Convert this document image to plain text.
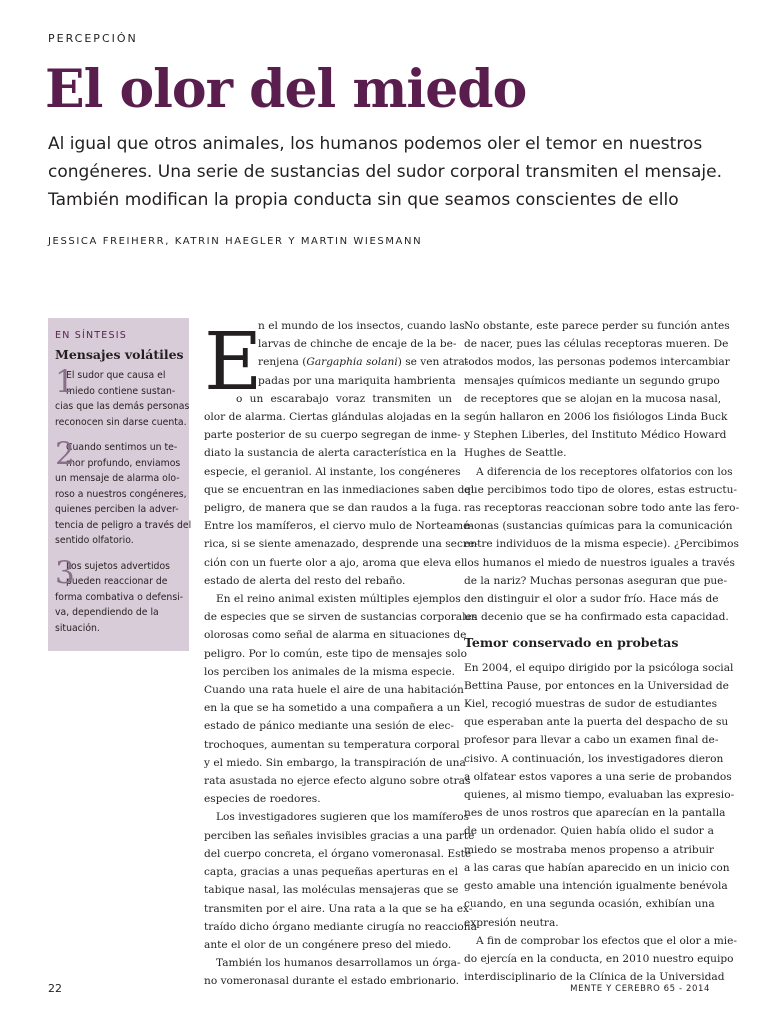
PERCEPCIÓN
El olor del miedo
Al igual que otros animales, los humanos podemos oler el temor en nuestros
congéneres. Una serie de sustancias del sudor corporal transmiten el mensaje.
También modifican la propia conducta sin que seamos conscientes de ello
JESSICA FREIHERR, KATRIN HAEGLER Y MARTIN WIESMANN
EN SÍNTESIS
Mensajes volátiles
1
El sudor que causa el
miedo contiene sustan-
cias que las demás personas
reconocen sin darse cuenta.
2
Cuando sentimos un te-
mor profundo, enviamos
un mensaje de alarma olo-
roso a nuestros congéneres,
quienes perciben la adver-
tencia de peligro a través del
sentido olfatorio.
3
Los sujetos advertidos
pueden reaccionar de
forma combativa o defensi-
va, dependiendo de la
situación.
E
n el mundo de los insectos, cuando las
larvas de chinche de encaje de la be-
renjena (Gargaphia solani) se ven atra-
padas por una mariquita hambrienta
o un escarabajo voraz transmiten un
olor de alarma. Ciertas glándulas alojadas en la
parte posterior de su cuerpo segregan de inme-
diato la sustancia de alerta característica en la
especie, el geraniol. Al instante, los congéneres
que se encuentran en las inmediaciones saben del
peligro, de manera que se dan raudos a la fuga.
Entre los mamíferos, el ciervo mulo de Norteamé-
rica, si se siente amenazado, desprende una secre-
ción con un fuerte olor a ajo, aroma que eleva el
estado de alerta del resto del rebaño.
En el reino animal existen múltiples ejemplos
de especies que se sirven de sustancias corporales
olorosas como señal de alarma en situaciones de
peligro. Por lo común, este tipo de mensajes solo
los perciben los animales de la misma especie.
Cuando una rata huele el aire de una habitación
en la que se ha sometido a una compañera a un
estado de pánico mediante una sesión de elec-
trochoques, aumentan su temperatura corporal
y el miedo. Sin embargo, la transpiración de una
rata asustada no ejerce efecto alguno sobre otras
especies de roedores.
Los investigadores sugieren que los mamíferos
perciben las señales invisibles gracias a una parte
del cuerpo concreta, el órgano vomeronasal. Este
capta, gracias a unas pequeñas aperturas en el
tabique nasal, las moléculas mensajeras que se
transmiten por el aire. Una rata a la que se ha ex-
traído dicho órgano mediante cirugía no reacciona
ante el olor de un congénere preso del miedo.
También los humanos desarrollamos un órga-
no vomeronasal durante el estado embrionario.
No obstante, este parece perder su función antes
de nacer, pues las células receptoras mueren. De
todos modos, las personas podemos intercambiar
mensajes químicos mediante un segundo grupo
de receptores que se alojan en la mucosa nasal,
según hallaron en 2006 los fisiólogos Linda Buck
y Stephen Liberles, del Instituto Médico Howard
Hughes de Seattle.
A diferencia de los receptores olfatorios con los
que percibimos todo tipo de olores, estas estructu-
ras receptoras reaccionan sobre todo ante las fero-
monas (sustancias químicas para la comunicación
entre individuos de la misma especie). ¿Percibimos
los humanos el miedo de nuestros iguales a través
de la nariz? Muchas personas aseguran que pue-
den distinguir el olor a sudor frío. Hace más de
un decenio que se ha confirmado esta capacidad.
Temor conservado en probetas
En 2004, el equipo dirigido por la psicóloga social
Bettina Pause, por entonces en la Universidad de
Kiel, recogió muestras de sudor de estudiantes
que esperaban ante la puerta del despacho de su
profesor para llevar a cabo un examen final de-
cisivo. A continuación, los investigadores dieron
a olfatear estos vapores a una serie de probandos
quienes, al mismo tiempo, evaluaban las expresio-
nes de unos rostros que aparecían en la pantalla
de un ordenador. Quien había olido el sudor a
miedo se mostraba menos propenso a atribuir
a las caras que habían aparecido en un inicio con
gesto amable una intención igualmente benévola
cuando, en una segunda ocasión, exhibían una
expresión neutra.
A fin de comprobar los efectos que el olor a mie-
do ejercía en la conducta, en 2010 nuestro equipo
interdisciplinario de la Clínica de la Universidad
22	MENTE Y CEREBRO 65 - 2014
